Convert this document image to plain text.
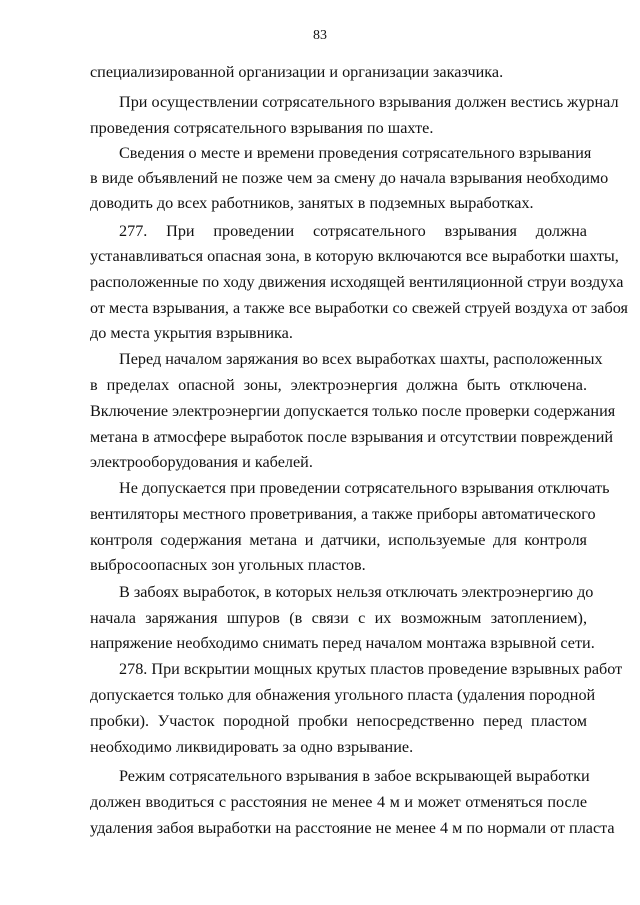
83
специализированной организации и организации заказчика.
При осуществлении сотрясательного взрывания должен вестись журнал
проведения сотрясательного взрывания по шахте.
Сведения о месте и времени проведения сотрясательного взрывания
в виде объявлений не позже чем за смену до начала взрывания необходимо
доводить до всех работников, занятых в подземных выработках.
277. При проведении сотрясательного взрывания должна
устанавливаться опасная зона, в которую включаются все выработки шахты,
расположенные по ходу движения исходящей вентиляционной струи воздуха
от места взрывания, а также все выработки со свежей струей воздуха от забоя
до места укрытия взрывника.
Перед началом заряжания во всех выработках шахты, расположенных
в пределах опасной зоны, электроэнергия должна быть отключена.
Включение электроэнергии допускается только после проверки содержания
метана в атмосфере выработок после взрывания и отсутствии повреждений
электрооборудования и кабелей.
Не допускается при проведении сотрясательного взрывания отключать
вентиляторы местного проветривания, а также приборы автоматического
контроля содержания метана и датчики, используемые для контроля
выбросоопасных зон угольных пластов.
В забоях выработок, в которых нельзя отключать электроэнергию до
начала заряжания шпуров (в связи с их возможным затоплением),
напряжение необходимо снимать перед началом монтажа взрывной сети.
278. При вскрытии мощных крутых пластов проведение взрывных работ
допускается только для обнажения угольного пласта (удаления породной
пробки). Участок породной пробки непосредственно перед пластом
необходимо ликвидировать за одно взрывание.
Режим сотрясательного взрывания в забое вскрывающей выработки
должен вводиться с расстояния не менее 4 м и может отменяться после
удаления забоя выработки на расстояние не менее 4 м по нормали от пласта
